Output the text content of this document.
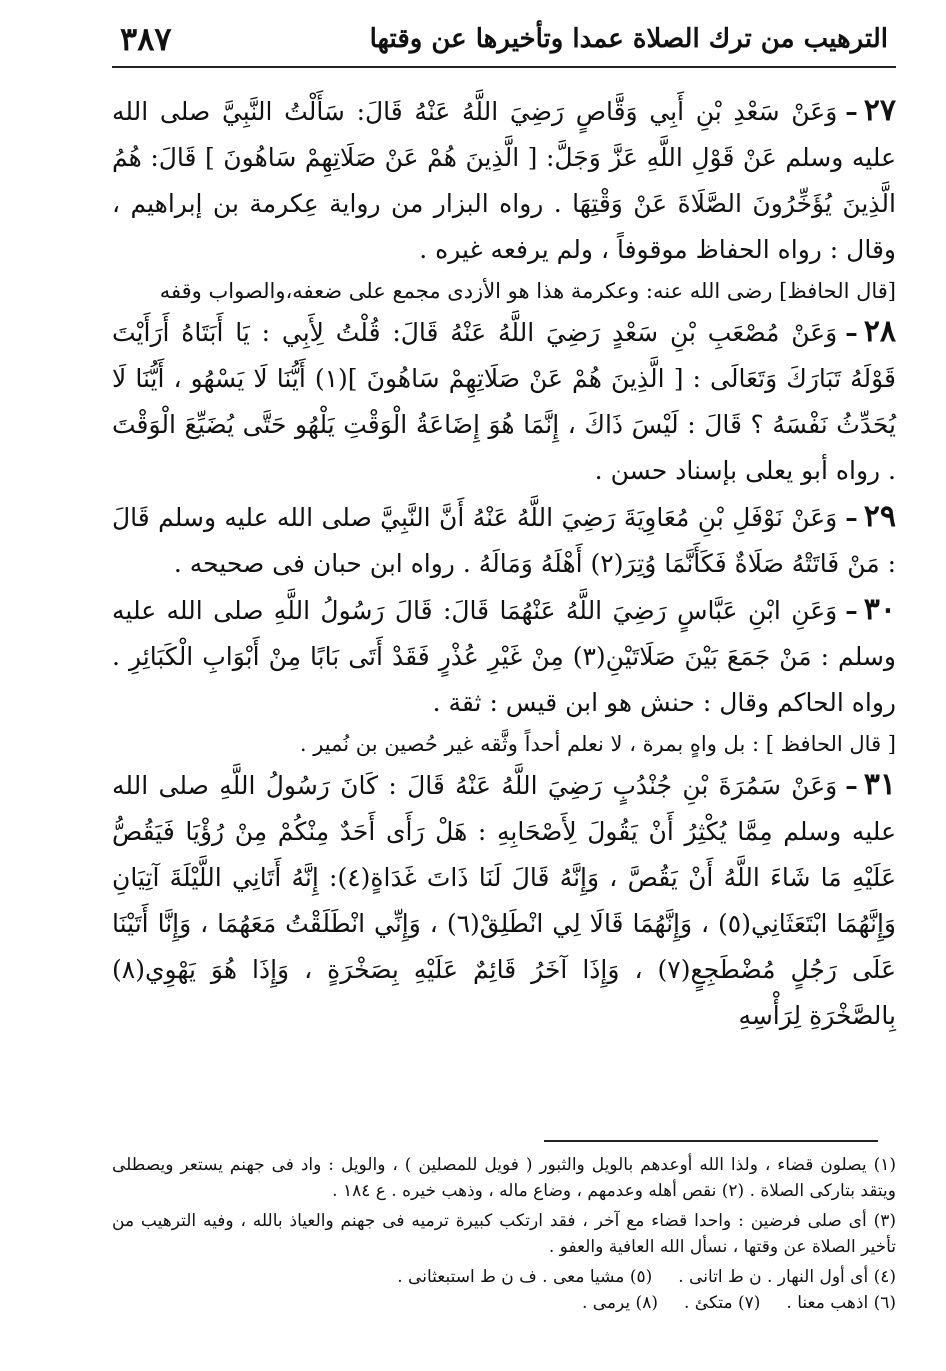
الترهيب من ترك الصلاة عمدا وتأخيرها عن وقتها
٣٨٧

٢٧–وَعَنْ سَعْدِ بْنِ أَبِي وَقَّاصٍ رَضِيَ اللَّهُ عَنْهُ قَالَ: سَأَلْتُ النَّبِيَّ صلى الله عليه وسلم عَنْ قَوْلِ اللَّهِ عَزَّ وَجَلَّ: [ الَّذِينَ هُمْ عَنْ صَلَاتِهِمْ سَاهُونَ ] قَالَ: هُمُ الَّذِينَ يُؤَخِّرُونَ الصَّلَاةَ عَنْ وَقْتِهَا . رواه البزار من رواية عِكرمة بن إبراهيم ، وقال : رواه الحفاظ موقوفاً ، ولم يرفعه غيره .

[قال الحافظ] رضى الله عنه: وعكرمة هذا هو الأزدى مجمع على ضعفه،والصواب وقفه

٢٨–وَعَنْ مُصْعَبِ بْنِ سَعْدٍ رَضِيَ اللَّهُ عَنْهُ قَالَ: قُلْتُ لِأَبِي : يَا أَبَتَاهُ أَرَأَيْتَ قَوْلَهُ تَبَارَكَ وَتَعَالَى : [ الَّذِينَ هُمْ عَنْ صَلَاتِهِمْ سَاهُونَ ](١) أَيُّنَا لَا يَسْهُو ، أَيُّنَا لَا يُحَدِّثُ نَفْسَهُ ؟ قَالَ : لَيْسَ ذَاكَ ، إِنَّمَا هُوَ إِضَاعَةُ الْوَقْتِ يَلْهُو حَتَّى يُضَيِّعَ الْوَقْتَ . رواه أبو يعلى بإسناد حسن .

٢٩–وَعَنْ نَوْفَلِ بْنِ مُعَاوِيَةَ رَضِيَ اللَّهُ عَنْهُ أَنَّ النَّبِيَّ صلى الله عليه وسلم قَالَ : مَنْ فَاتَتْهُ صَلَاةٌ فَكَأَنَّمَا وُتِرَ(٢) أَهْلَهُ وَمَالَهُ . رواه ابن حبان فى صحيحه .

٣٠–وَعَنِ ابْنِ عَبَّاسٍ رَضِيَ اللَّهُ عَنْهُمَا قَالَ: قَالَ رَسُولُ اللَّهِ صلى الله عليه وسلم : مَنْ جَمَعَ بَيْنَ صَلَاتَيْنِ(٣) مِنْ غَيْرِ عُذْرٍ فَقَدْ أَتَى بَابًا مِنْ أَبْوَابِ الْكَبَائِرِ . رواه الحاكم وقال : حنش هو ابن قيس : ثقة .

[ قال الحافظ ] : بل واهٍ بمرة ، لا نعلم أحداً وثَّقه غير حُصين بن نُمير .

٣١–وَعَنْ سَمُرَةَ بْنِ جُنْدُبٍ رَضِيَ اللَّهُ عَنْهُ قَالَ : كَانَ رَسُولُ اللَّهِ صلى الله عليه وسلم مِمَّا يُكْثِرُ أَنْ يَقُولَ لِأَصْحَابِهِ : هَلْ رَأَى أَحَدٌ مِنْكُمْ مِنْ رُؤْيَا فَيَقُصُّ عَلَيْهِ مَا شَاءَ اللَّهُ أَنْ يَقُصَّ ، وَإِنَّهُ قَالَ لَنَا ذَاتَ غَدَاةٍ(٤): إِنَّهُ أَتَانِي اللَّيْلَةَ آتِيَانِ وَإِنَّهُمَا ابْتَعَثَانِي(٥) ، وَإِنَّهُمَا قَالَا لِي انْطَلِقْ(٦) ، وَإِنِّي انْطَلَقْتُ مَعَهُمَا ، وَإِنَّا أَتَيْنَا عَلَى رَجُلٍ مُضْطَجِعٍ(٧) ، وَإِذَا آخَرُ قَائِمٌ عَلَيْهِ بِصَخْرَةٍ ، وَإِذَا هُوَ يَهْوِي(٨) بِالصَّخْرَةِ لِرَأْسِهِ

(١) يصلون قضاء ، ولذا الله أوعدهم بالويل والثبور ( فويل للمصلين ) ، والويل : واد فى جهنم يستعر ويصطلى ويتقد بتاركى الصلاة . (٢) نقص أهله وعدمهم ، وضاع ماله ، وذهب خيره . ع ١٨٤ .

(٣) أى صلى فرضين : واحدا قضاء مع آخر ، فقد ارتكب كبيرة ترميه فى جهنم والعياذ بالله ، وفيه الترهيب من تأخير الصلاة عن وقتها ، نسأل الله العافية والعفو .

(٤) أى أول النهار . ن ط اتانى .
(٥) مشيا معى . ف ن ط استبعثانى .

(٦) اذهب معنا .
(٧) متكئ .
(٨) يرمى .
